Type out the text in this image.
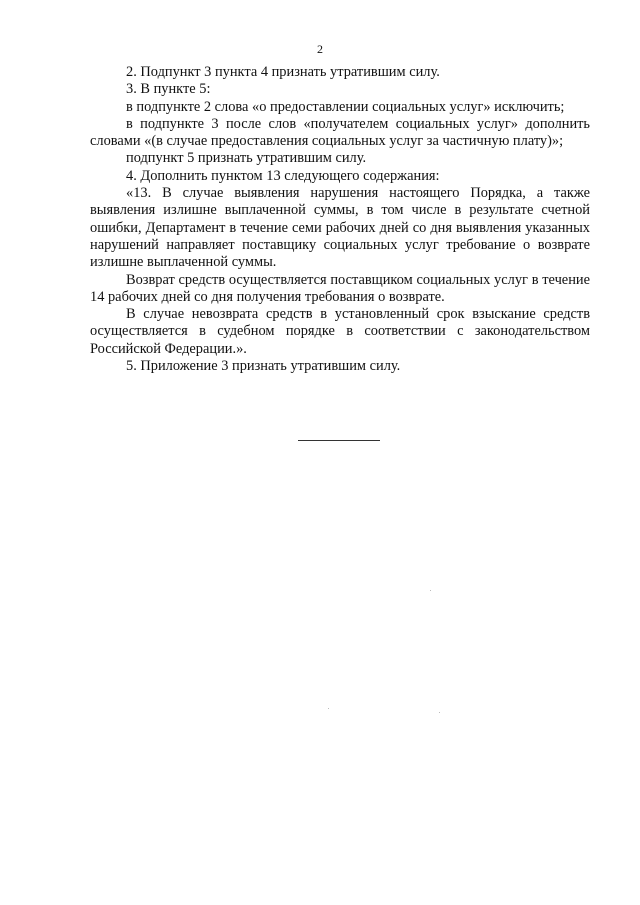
2

2. Подпункт 3 пункта 4 признать утратившим силу.

3. В пункте 5:

в подпункте 2 слова «о предоставлении социальных услуг» исключить;

в подпункте 3 после слов «получателем социальных услуг» дополнить словами «(в случае предоставления социальных услуг за частичную плату)»;

подпункт 5 признать утратившим силу.

4. Дополнить пунктом 13 следующего содержания:

«13. В случае выявления нарушения настоящего Порядка, а также выявления излишне выплаченной суммы, в том числе в результате счетной ошибки, Департамент в течение семи рабочих дней со дня выявления указанных нарушений направляет поставщику социальных услуг требование о возврате излишне выплаченной суммы.

Возврат средств осуществляется поставщиком социальных услуг в течение 14 рабочих дней со дня получения требования о возврате.

В случае невозврата средств в установленный срок взыскание средств осуществляется в судебном порядке в соответствии с законодательством Российской Федерации.».

5. Приложение 3 признать утратившим силу.
